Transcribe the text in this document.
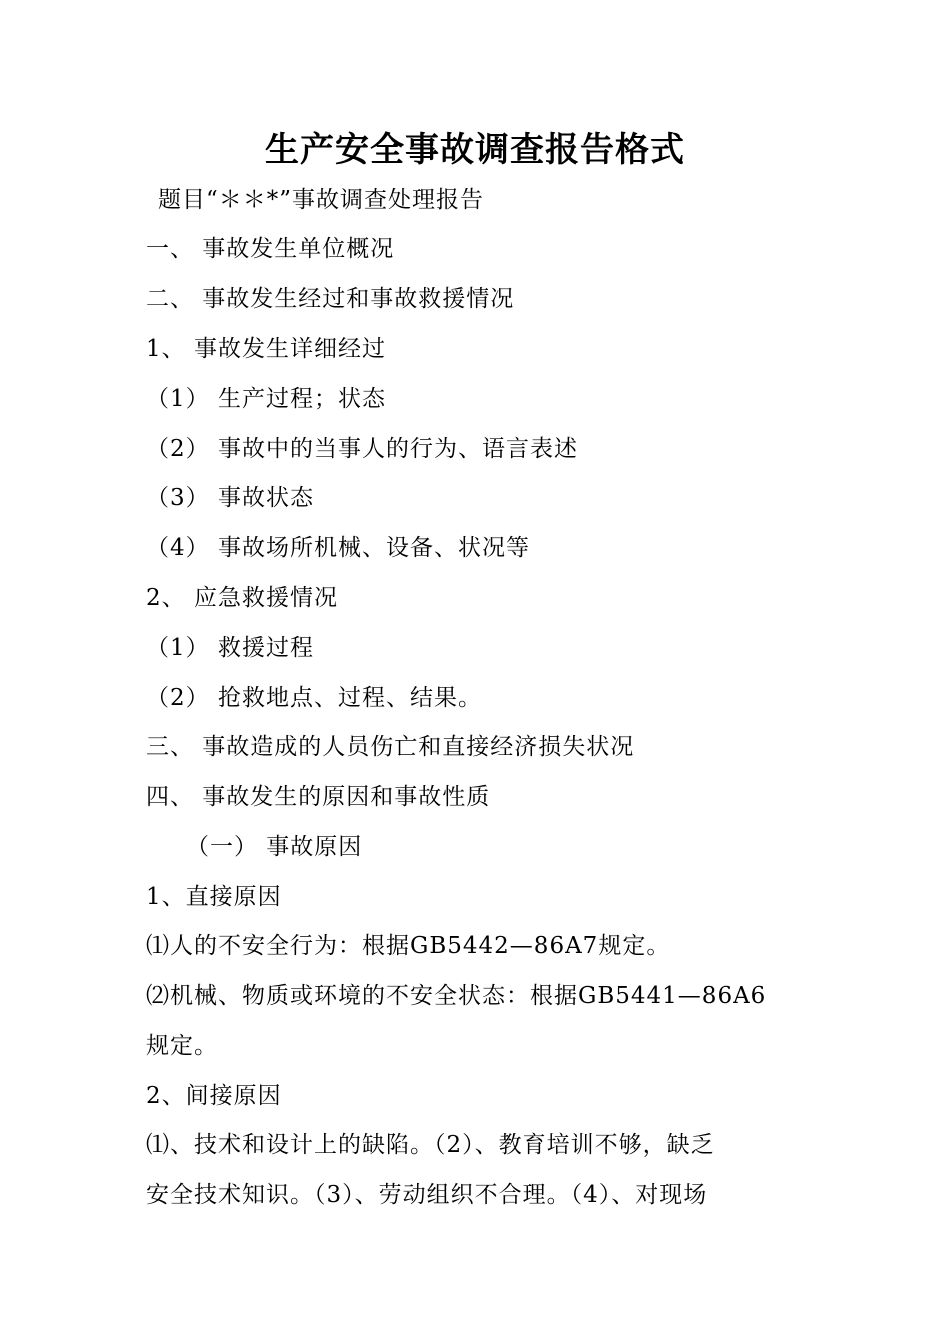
生产安全事故调查报告格式
题目“＊＊*”事故调查处理报告
一、 事故发生单位概况
二、 事故发生经过和事故救援情况
1、 事故发生详细经过
（1） 生产过程；状态
（2） 事故中的当事人的行为、语言表述
（3） 事故状态
（4） 事故场所机械、设备、状况等
2、 应急救援情况
（1） 救援过程
（2） 抢救地点、过程、结果。
三、 事故造成的人员伤亡和直接经济损失状况
四、 事故发生的原因和事故性质
（一） 事故原因
1、直接原因
⑴人的不安全行为：根据GB5442—86A7规定。
⑵机械、物质或环境的不安全状态：根据GB5441—86A6
规定。
2、间接原因
⑴、技术和设计上的缺陷。（2）、教育培训不够，缺乏
安全技术知识。（3）、劳动组织不合理。（4）、对现场
